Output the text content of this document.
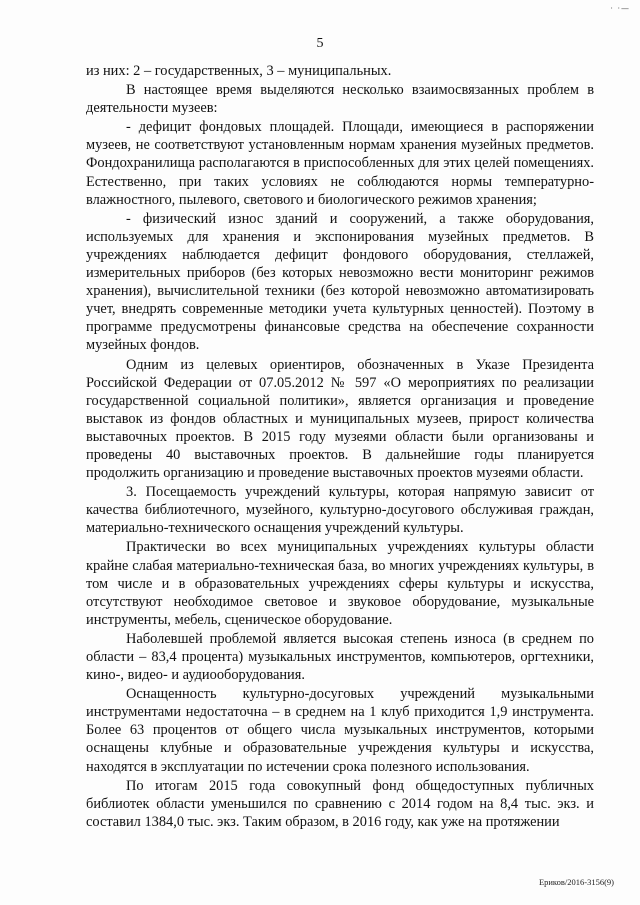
· ·—
5

из них: 2 – государственных, 3 – муниципальных.

В настоящее время выделяются несколько взаимосвязанных проблем в деятельности музеев:

- дефицит фондовых площадей. Площади, имеющиеся в распоряжении музеев, не соответствуют установленным нормам хранения музейных предметов. Фондохранилища располагаются в приспособленных для этих целей помещениях. Естественно, при таких условиях не соблюдаются нормы температурно-влажностного, пылевого, светового и биологического режимов хранения;

- физический износ зданий и сооружений, а также оборудования, используемых для хранения и экспонирования музейных предметов. В учреждениях наблюдается дефицит фондового оборудования, стеллажей, измерительных приборов (без которых невозможно вести мониторинг режимов хранения), вычислительной техники (без которой невозможно автоматизировать учет, внедрять современные методики учета культурных ценностей). Поэтому в программе предусмотрены финансовые средства на обеспечение сохранности музейных фондов.

Одним из целевых ориентиров, обозначенных в Указе Президента Российской Федерации от 07.05.2012 № 597 «О мероприятиях по реализации государственной социальной политики», является организация и проведение выставок из фондов областных и муниципальных музеев, прирост количества выставочных проектов. В 2015 году музеями области были организованы и проведены 40 выставочных проектов. В дальнейшие годы планируется продолжить организацию и проведение выставочных проектов музеями области.

3. Посещаемость учреждений культуры, которая напрямую зависит от качества библиотечного, музейного, культурно-досугового обслуживая граждан, материально-технического оснащения учреждений культуры.

Практически во всех муниципальных учреждениях культуры области крайне слабая материально-техническая база, во многих учреждениях культуры, в том числе и в образовательных учреждениях сферы культуры и искусства, отсутствуют необходимое световое и звуковое оборудование, музыкальные инструменты, мебель, сценическое оборудование.

Наболевшей проблемой является высокая степень износа (в среднем по области – 83,4 процента) музыкальных инструментов, компьютеров, оргтехники, кино-, видео- и аудиооборудования.

Оснащенность культурно-досуговых учреждений музыкальными инструментами недостаточна – в среднем на 1 клуб приходится 1,9 инструмента. Более 63 процентов от общего числа музыкальных инструментов, которыми оснащены клубные и образовательные учреждения культуры и искусства, находятся в эксплуатации по истечении срока полезного использования.

По итогам 2015 года совокупный фонд общедоступных публичных библиотек области уменьшился по сравнению с 2014 годом на 8,4 тыс. экз. и составил 1384,0 тыс. экз. Таким образом, в 2016 году, как уже на протяжении

Ериков/2016-3156(9)
